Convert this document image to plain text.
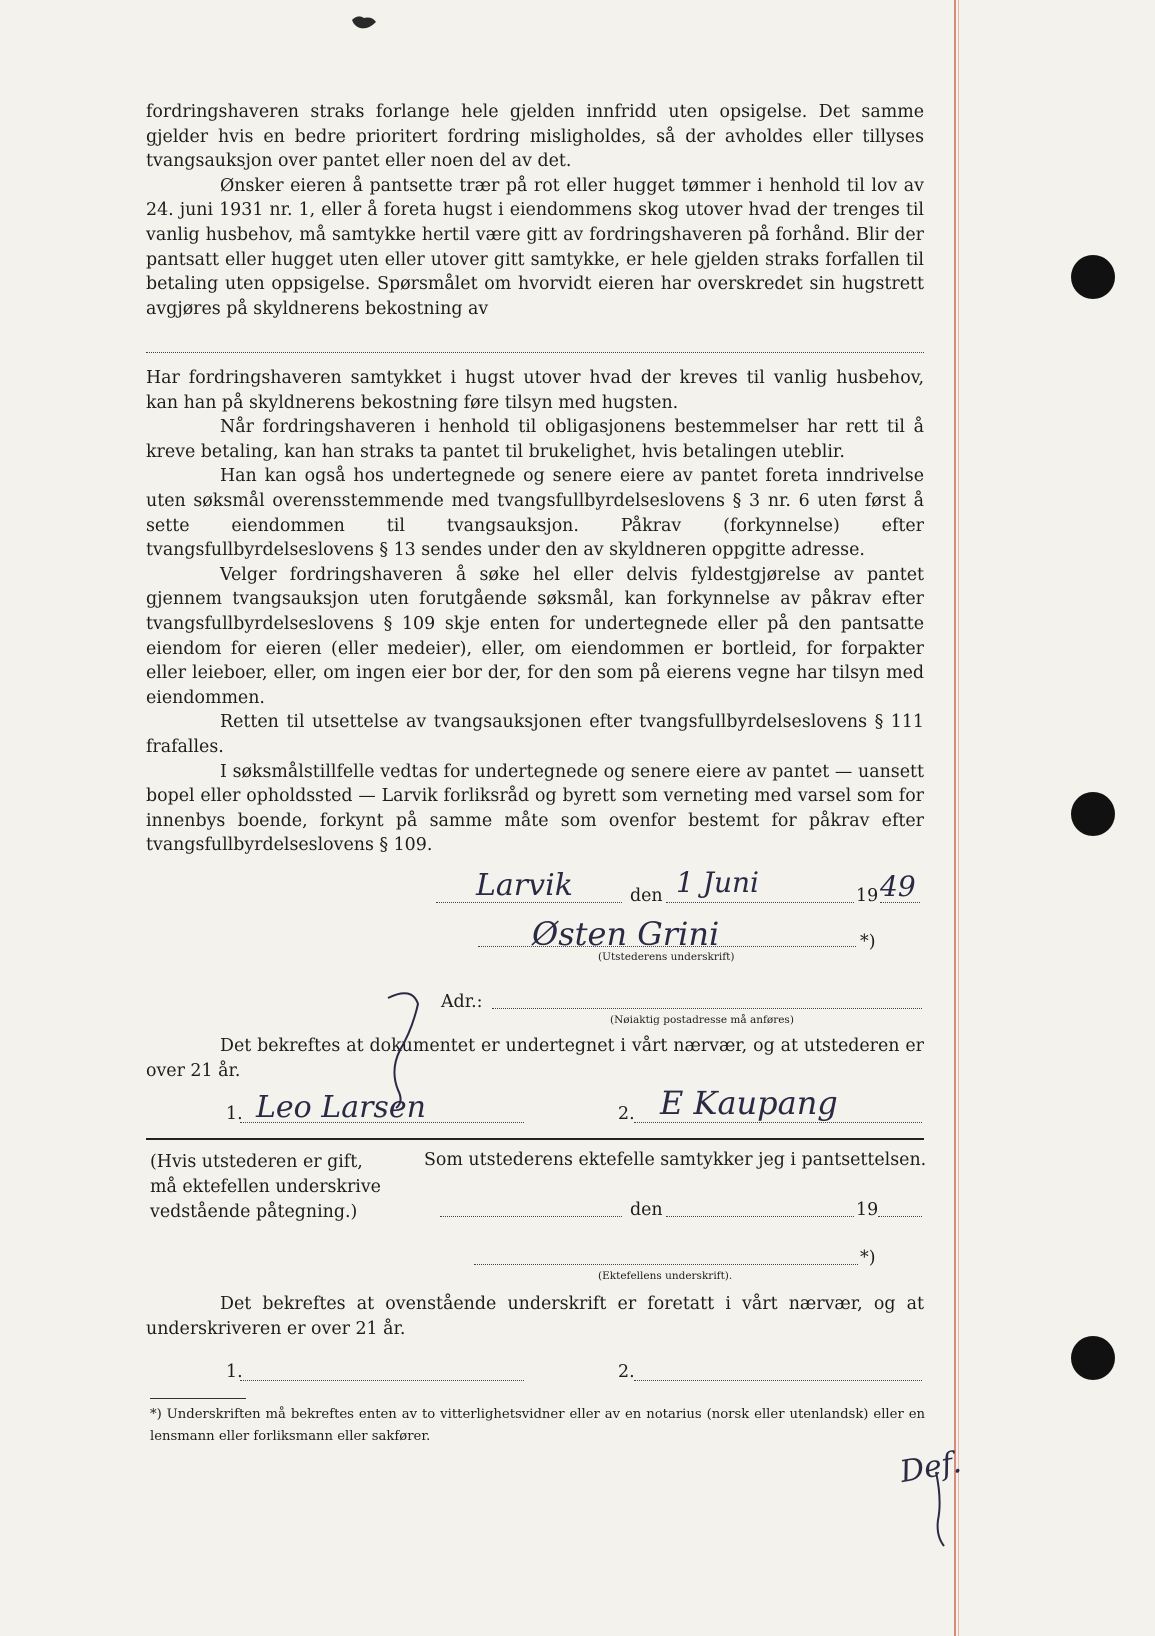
fordringshaveren straks forlange hele gjelden innfridd uten opsigelse. Det samme gjelder hvis en bedre prioritert fordring misligholdes, så der avholdes eller tillyses tvangsauksjon over pantet eller noen del av det.

Ønsker eieren å pantsette trær på rot eller hugget tømmer i henhold til lov av 24. juni 1931 nr. 1, eller å foreta hugst i eiendommens skog utover hvad der trenges til vanlig husbehov, må samtykke hertil være gitt av fordringshaveren på forhånd. Blir der pantsatt eller hugget uten eller utover gitt samtykke, er hele gjelden straks forfallen til betaling uten oppsigelse. Spørsmålet om hvorvidt eieren har overskredet sin hugstrett avgjøres på skyldnerens bekostning av

Har fordringshaveren samtykket i hugst utover hvad der kreves til vanlig husbehov, kan han på skyldnerens bekostning føre tilsyn med hugsten.

Når fordringshaveren i henhold til obligasjonens bestemmelser har rett til å kreve betaling, kan han straks ta pantet til brukelighet, hvis betalingen uteblir.

Han kan også hos undertegnede og senere eiere av pantet foreta inndrivelse uten søksmål overensstemmende med tvangsfullbyrdelseslovens § 3 nr. 6 uten først å sette eiendommen til tvangsauksjon. Påkrav (forkynnelse) efter tvangsfullbyrdelseslovens § 13 sendes under den av skyldneren oppgitte adresse.

Velger fordringshaveren å søke hel eller delvis fyldestgjørelse av pantet gjennem tvangsauksjon uten forutgående søksmål, kan forkynnelse av påkrav efter tvangsfullbyrdelseslovens § 109 skje enten for undertegnede eller på den pantsatte eiendom for eieren (eller medeier), eller, om eiendommen er bortleid, for forpakter eller leieboer, eller, om ingen eier bor der, for den som på eierens vegne har tilsyn med eiendommen.

Retten til utsettelse av tvangsauksjonen efter tvangsfullbyrdelseslovens § 111 frafalles.

I søksmålstillfelle vedtas for undertegnede og senere eiere av pantet — uansett bopel eller opholdssted — Larvik forliksråd og byrett som verneting med varsel som for innenbys boende, forkynt på samme måte som ovenfor bestemt for påkrav efter tvangsfullbyrdelseslovens § 109.

Larvik	den 1 Juni	19 49
Østen Grini	*)
(Utstederens underskrift)
Adr.:
(Nøiaktig postadresse må anføres)

Det bekreftes at dokumentet er undertegnet i vårt nærvær, og at utstederen er over 21 år.

1. Leo Larsen	2. E Kaupang
(Hvis utstederen er gift,
må ektefellen underskrive
vedstående påtegning.)
Som utstederens ektefelle samtykker jeg i pantsettelsen.
den	19
*)
(Ektefellens underskrift).

Det bekreftes at ovenstående underskrift er foretatt i vårt nærvær, og at underskriveren er over 21 år.

1.	2.
*) Underskriften må bekreftes enten av to vitterlighetsvidner eller av en notarius (norsk eller utenlandsk) eller en lensmann eller forliksmann eller sakfører.
Def.
